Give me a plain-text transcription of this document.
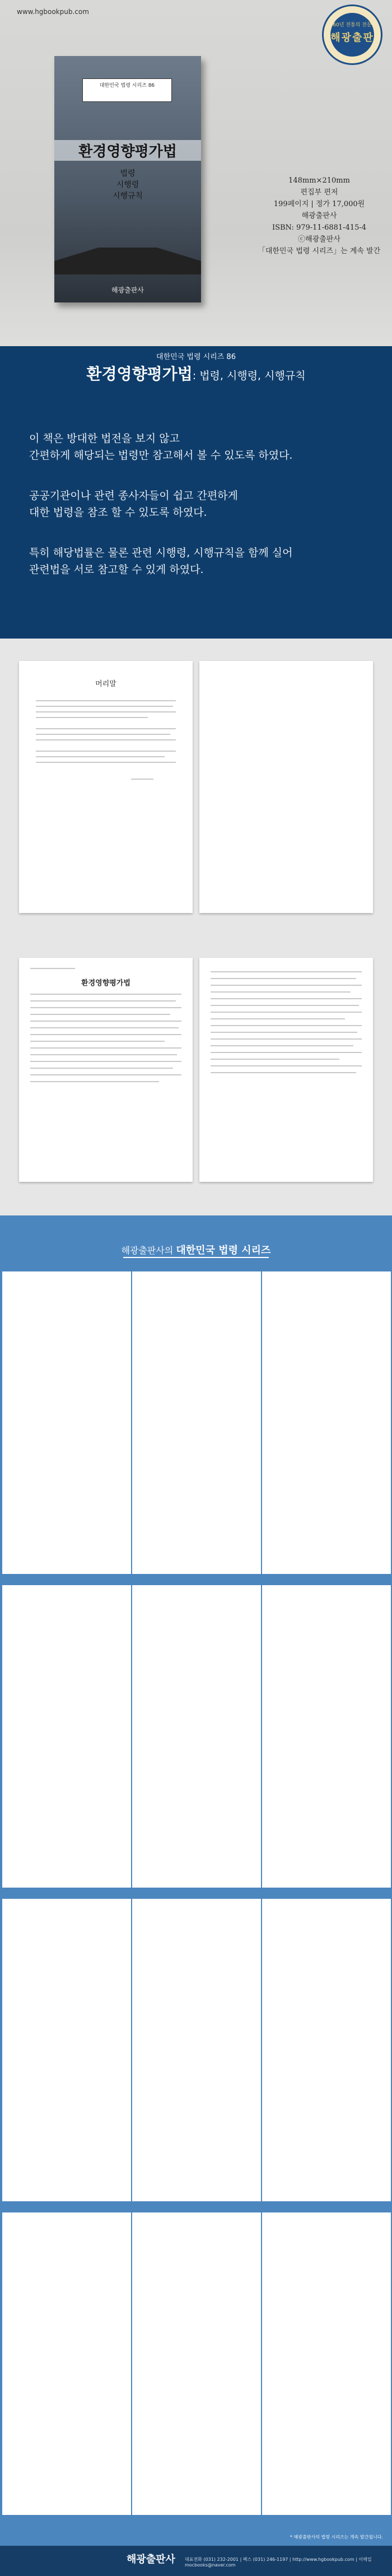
www.hgbookpub.com
60년 전통의 전문
해광출판
대한민국 법령 시리즈 86
환경영향평가법
법령
시행령
시행규칙
해광출판사
148mm×210mm
편집부 편저
199페이지 | 정가 17,000원
해광출판사
ISBN: 979-11-6881-415-4
ⓒ해광출판사
「대한민국 법령 시리즈」는 계속 발간
대한민국 법령 시리즈 86
환경영향평가법: 법령, 시행령, 시행규칙

이 책은 방대한 법전을 보지 않고

간편하게 해당되는 법령만 참고해서 볼 수 있도록 하였다.

공공기관이나 관련 종사자들이 쉽고 간편하게

대한 법령을 참조 할 수 있도록 하였다.

특히 해당법률은 물론 관련 시행령, 시행규칙을 함께 실어

관련법을 서로 참고할 수 있게 하였다.

머리말
환경영향평가법
해광출판사의 대한민국 법령 시리즈
* 해광출판사의 법령 시리즈는 계속 발간됩니다.
해광출판사 대표전화 (031) 232-2001 | 팩스 (031) 246-1197 | http://www.hgbookpub.com | 이메일 mocbooks@naver.com
